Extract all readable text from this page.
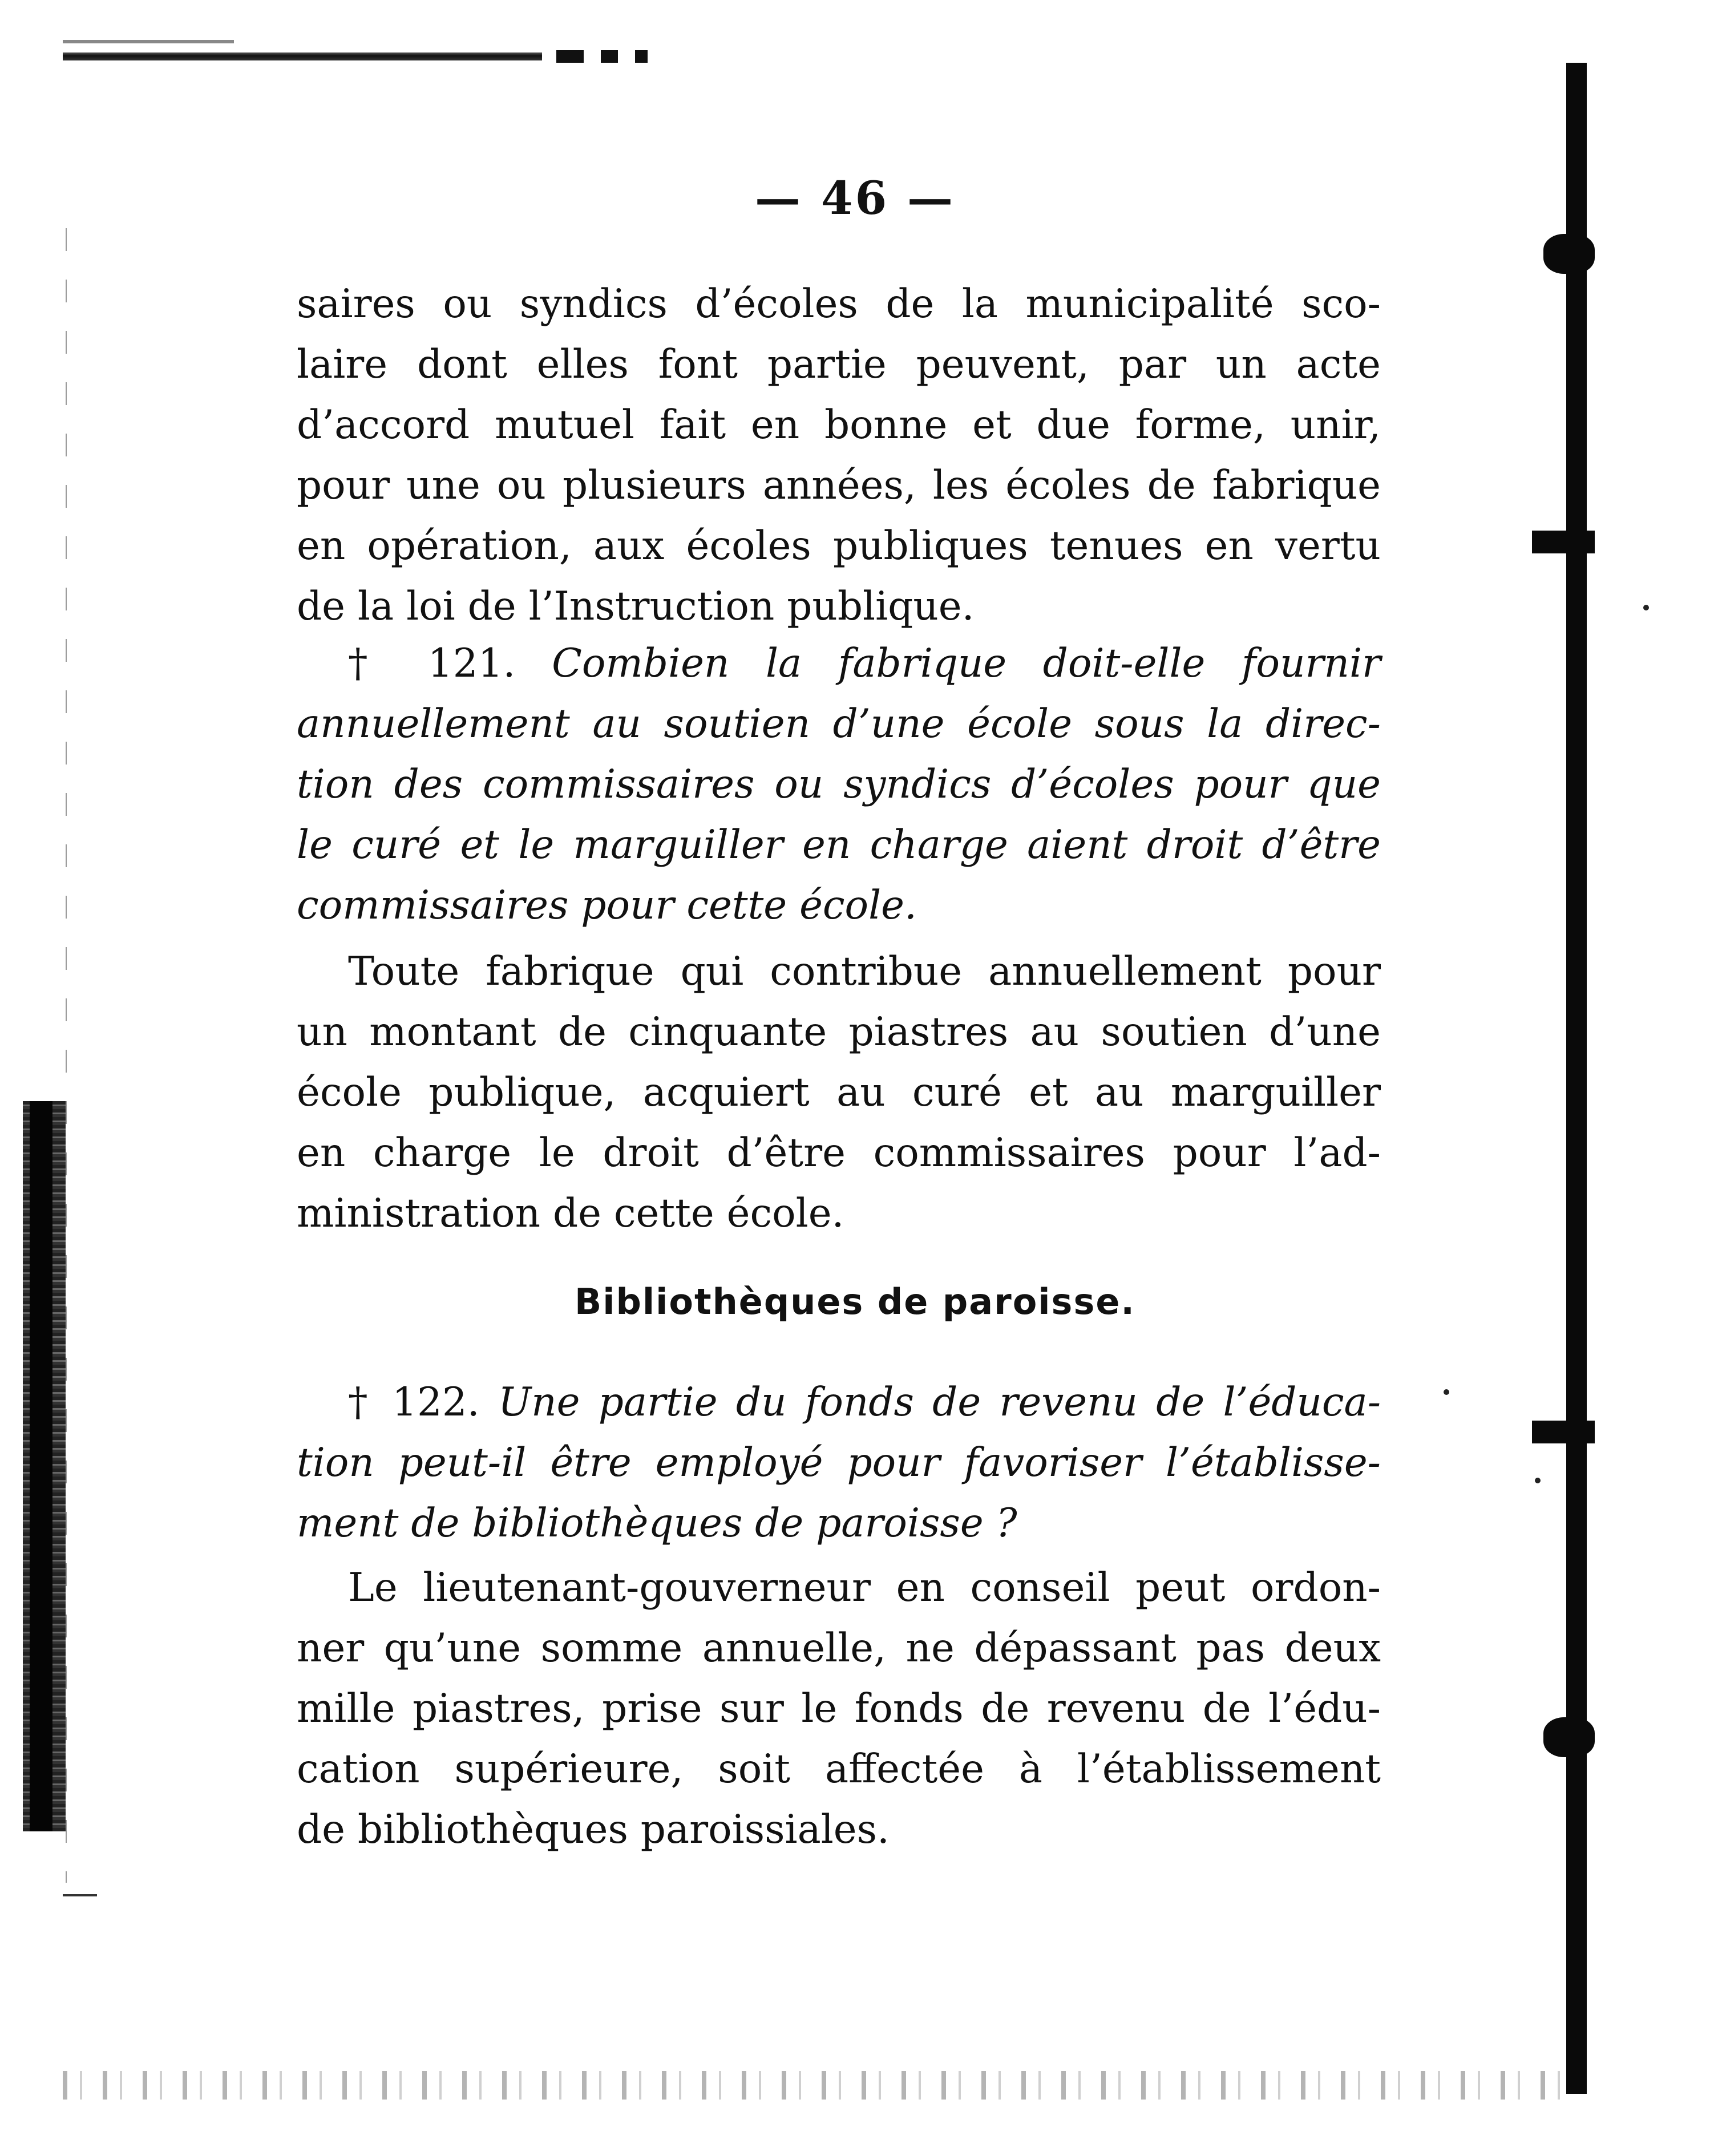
— 46 —
saires ou syndics d’écoles de la municipalité sco-
laire dont elles font partie peuvent, par un acte
d’accord mutuel fait en bonne et due forme, unir,
pour une ou plusieurs années, les écoles de fabrique
en opération, aux écoles publiques tenues en vertu
de la loi de l’Instruction publique.
† 121. Combien la fabrique doit-elle fournir
annuellement au soutien d’une école sous la direc-
tion des commissaires ou syndics d’écoles pour que
le curé et le marguiller en charge aient droit d’être
commissaires pour cette école.
Toute fabrique qui contribue annuellement pour
un montant de cinquante piastres au soutien d’une
école publique, acquiert au curé et au marguiller
en charge le droit d’être commissaires pour l’ad-
ministration de cette école.
Bibliothèques de paroisse.
† 122. Une partie du fonds de revenu de l’éduca-
tion peut-il être employé pour favoriser l’établisse-
ment de bibliothèques de paroisse ?
Le lieutenant-gouverneur en conseil peut ordon-
ner qu’une somme annuelle, ne dépassant pas deux
mille piastres, prise sur le fonds de revenu de l’édu-
cation supérieure, soit affectée à l’établissement
de bibliothèques paroissiales.
